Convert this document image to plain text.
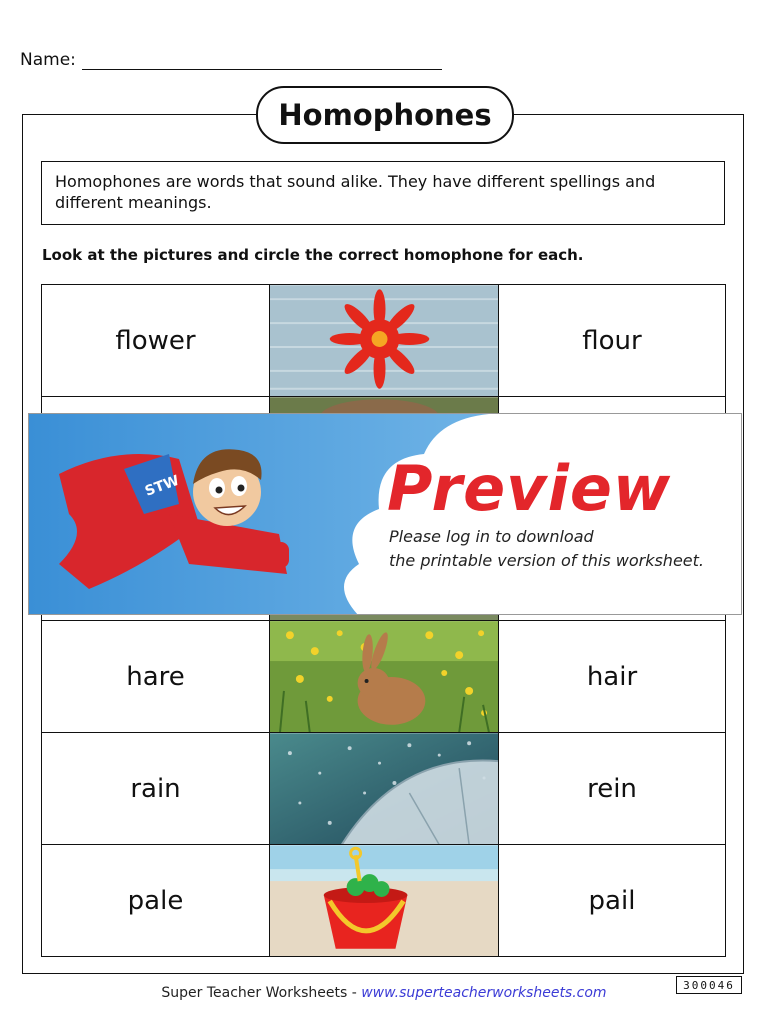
Name:
Homophones
Homophones are words that sound alike. They have different spellings and different meanings.
Look at the pictures and circle the correct homophone for each.
flower	flour
hare	hair
rain	rein
pale	pail
STW	Preview
Please log in to download
the printable version of this worksheet.
300046
Super Teacher Worksheets - www.superteacherworksheets.com
